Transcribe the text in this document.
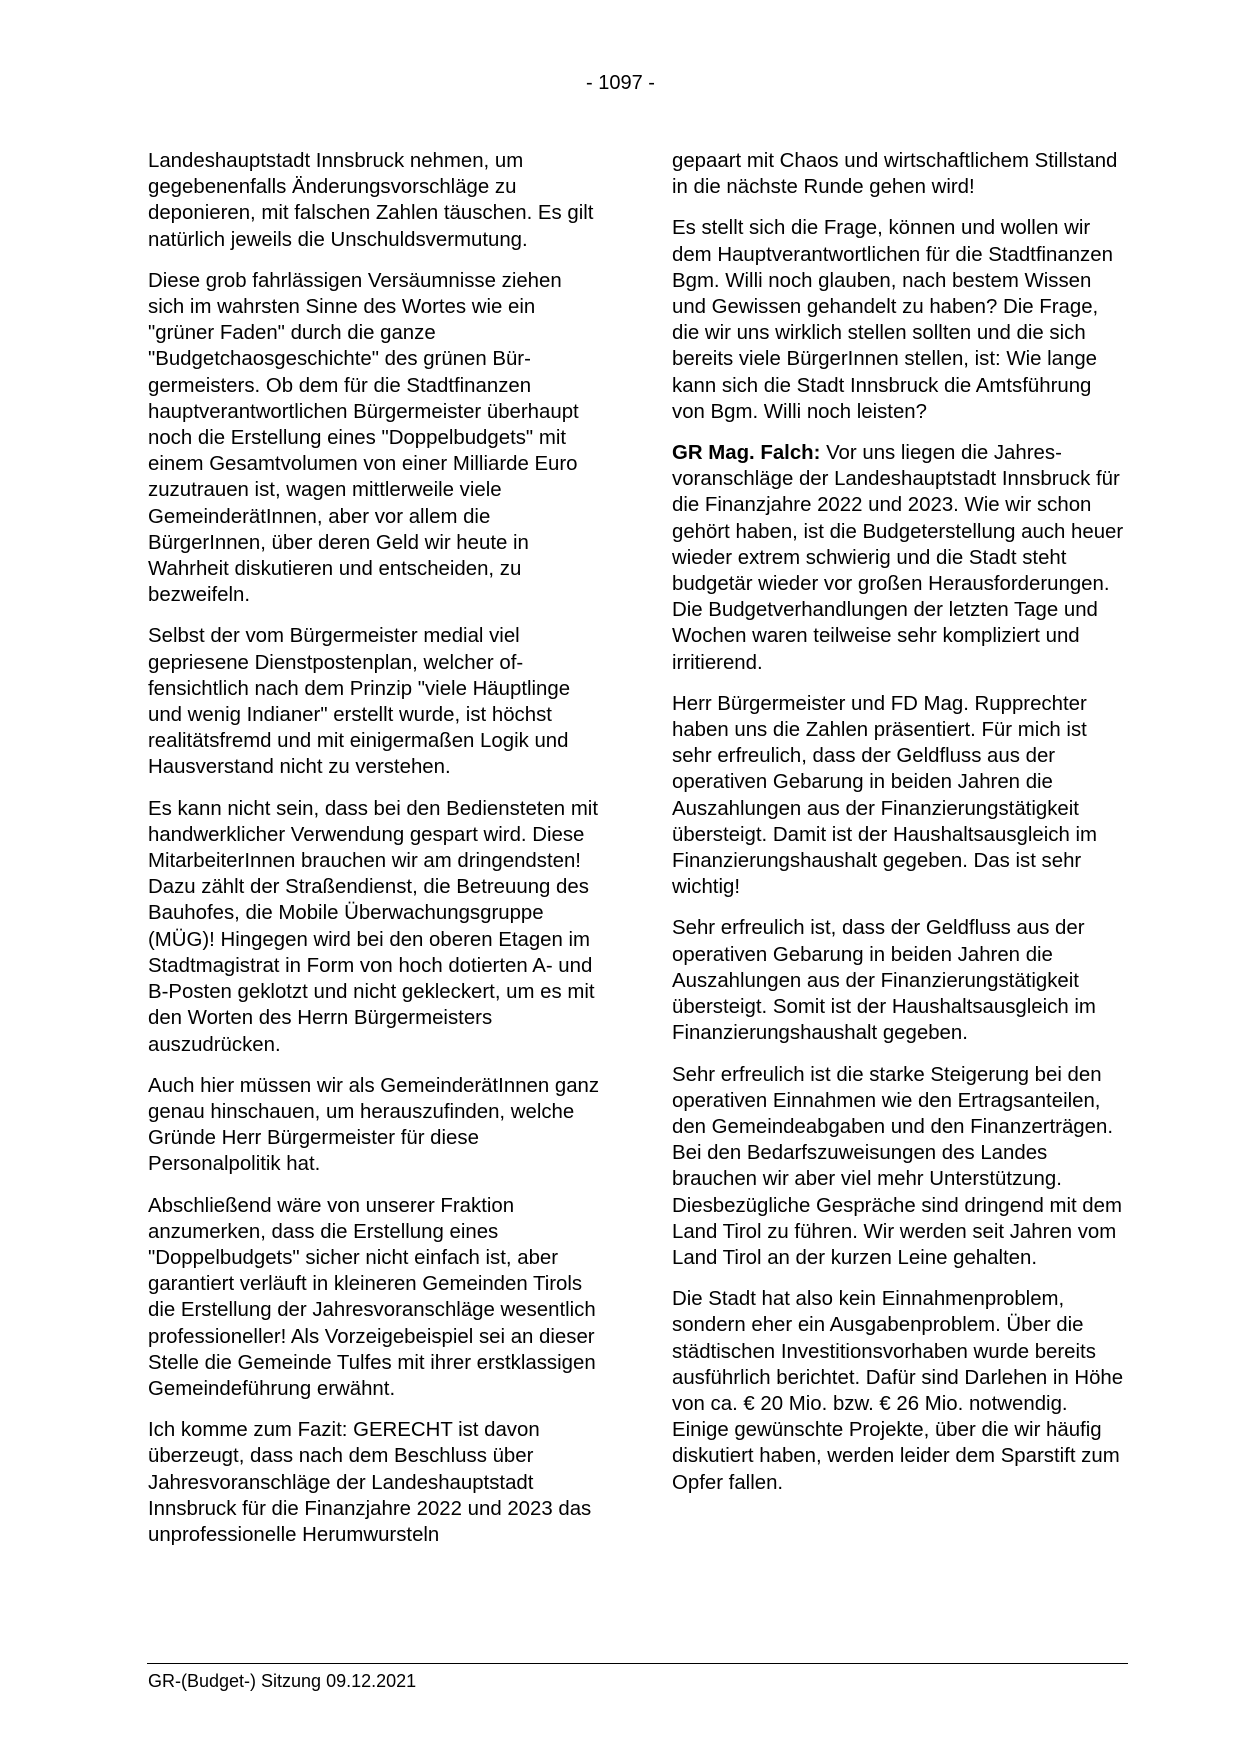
- 1097 -

Landeshauptstadt Innsbruck nehmen, um gegebenenfalls Änderungsvorschläge zu deponieren, mit falschen Zahlen täuschen. Es gilt natürlich jeweils die Unschuldsvermutung.

Diese grob fahrlässigen Versäumnisse ziehen sich im wahrsten Sinne des Wortes wie ein "grüner Faden" durch die ganze "Budgetchaosgeschichte" des grünen Bürgermeisters. Ob dem für die Stadtfinanzen hauptverantwortlichen Bürgermeister überhaupt noch die Erstellung eines "Doppelbudgets" mit einem Gesamtvolumen von einer Milliarde Euro zuzutrauen ist, wagen mittlerweile viele GemeinderätInnen, aber vor allem die BürgerInnen, über deren Geld wir heute in Wahrheit diskutieren und entscheiden, zu bezweifeln.

Selbst der vom Bürgermeister medial viel gepriesene Dienstpostenplan, welcher offensichtlich nach dem Prinzip "viele Häuptlinge und wenig Indianer" erstellt wurde, ist höchst realitätsfremd und mit einigermaßen Logik und Hausverstand nicht zu verstehen.

Es kann nicht sein, dass bei den Bediensteten mit handwerklicher Verwendung gespart wird. Diese MitarbeiterInnen brauchen wir am dringendsten! Dazu zählt der Straßendienst, die Betreuung des Bauhofes, die Mobile Überwachungsgruppe (MÜG)! Hingegen wird bei den oberen Etagen im Stadtmagistrat in Form von hoch dotierten A- und B-Posten geklotzt und nicht gekleckert, um es mit den Worten des Herrn Bürgermeisters auszudrücken.

Auch hier müssen wir als GemeinderätInnen ganz genau hinschauen, um herauszufinden, welche Gründe Herr Bürgermeister für diese Personalpolitik hat.

Abschließend wäre von unserer Fraktion anzumerken, dass die Erstellung eines "Doppelbudgets" sicher nicht einfach ist, aber garantiert verläuft in kleineren Gemeinden Tirols die Erstellung der Jahresvoranschläge wesentlich professioneller! Als Vorzeigebeispiel sei an dieser Stelle die Gemeinde Tulfes mit ihrer erstklassigen Gemeindeführung erwähnt.

Ich komme zum Fazit: GERECHT ist davon überzeugt, dass nach dem Beschluss über Jahresvoranschläge der Landeshauptstadt Innsbruck für die Finanzjahre 2022 und 2023 das unprofessionelle Herumwursteln

gepaart mit Chaos und wirtschaftlichem Stillstand in die nächste Runde gehen wird!

Es stellt sich die Frage, können und wollen wir dem Hauptverantwortlichen für die Stadtfinanzen Bgm. Willi noch glauben, nach bestem Wissen und Gewissen gehandelt zu haben? Die Frage, die wir uns wirklich stellen sollten und die sich bereits viele BürgerInnen stellen, ist: Wie lange kann sich die Stadt Innsbruck die Amtsführung von Bgm. Willi noch leisten?

GR Mag. Falch: Vor uns liegen die Jahresvoranschläge der Landeshauptstadt Innsbruck für die Finanzjahre 2022 und 2023. Wie wir schon gehört haben, ist die Budgeterstellung auch heuer wieder extrem schwierig und die Stadt steht budgetär wieder vor großen Herausforderungen. Die Budgetverhandlungen der letzten Tage und Wochen waren teilweise sehr kompliziert und irritierend.

Herr Bürgermeister und FD Mag. Rupprechter haben uns die Zahlen präsentiert. Für mich ist sehr erfreulich, dass der Geldfluss aus der operativen Gebarung in beiden Jahren die Auszahlungen aus der Finanzierungstätigkeit übersteigt. Damit ist der Haushaltsausgleich im Finanzierungshaushalt gegeben. Das ist sehr wichtig!

Sehr erfreulich ist, dass der Geldfluss aus der operativen Gebarung in beiden Jahren die Auszahlungen aus der Finanzierungstätigkeit übersteigt. Somit ist der Haushaltsausgleich im Finanzierungshaushalt gegeben.

Sehr erfreulich ist die starke Steigerung bei den operativen Einnahmen wie den Ertragsanteilen, den Gemeindeabgaben und den Finanzerträgen. Bei den Bedarfszuweisungen des Landes brauchen wir aber viel mehr Unterstützung. Diesbezügliche Gespräche sind dringend mit dem Land Tirol zu führen. Wir werden seit Jahren vom Land Tirol an der kurzen Leine gehalten.

Die Stadt hat also kein Einnahmenproblem, sondern eher ein Ausgabenproblem. Über die städtischen Investitionsvorhaben wurde bereits ausführlich berichtet. Dafür sind Darlehen in Höhe von ca. € 20 Mio. bzw. € 26 Mio. notwendig. Einige gewünschte Projekte, über die wir häufig diskutiert haben, werden leider dem Sparstift zum Opfer fallen.

GR-(Budget-) Sitzung 09.12.2021
